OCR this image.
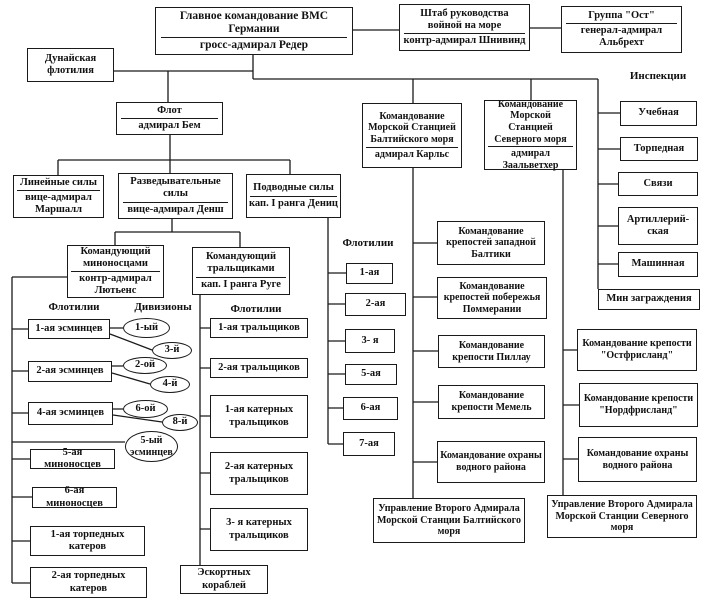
Главное командование ВМС Германии
гросс-адмирал Редер
Штаб руководства войной на море
контр-адмирал Шнивинд
Группа "Ост"
генерал-адмирал Альбрехт
Дунайская флотилия
Флот
адмирал Бем
Командование Морской Станцией Балтийского моря
адмирал Карльс
Командование Морской Станцией Северного моря
адмирал Заальветхер
Инспекции
Линейные силы
вице-адмирал Маршалл
Разведывательные силы
вице-адмирал Денш
Подводные силы
кап. I ранга Дениц
Командующий миноносцами
контр-адмирал Лютьенс
Командующий тральщиками
кап. I ранга Руге
Флотилии	Дивизионы	Флотилии
Флотилии
1-ая эсминцев
2-ая эсминцев
4-ая эсминцев
5-ая миноносцев
6-ая миноносцев
1-ая торпедных катеров
2-ая торпедных катеров
1-ый
3-й
2-ой
4-й
6-ой
8-й
5-ый эсминцев
1-ая тральщиков
2-ая тральщиков
1-ая катерных тральщиков
2-ая катерных тральщиков
3- я катерных тральщиков
Эскортных кораблей
1-ая
2-ая
3- я
5-ая
6-ая
7-ая
Командование крепостей западной Балтики
Командование крепостей побережья Поммерании
Командование крепости Пиллау
Командование крепости Мемель
Командование охраны водного района
Управление Второго Адмирала Морской Станции Балтийского моря
Командование крепости "Остфрисланд"
Командование крепости "Нордфрисланд"
Командование охраны водного района
Управление Второго Адмирала Морской Станции Северного моря
Учебная
Торпедная
Связи
Артиллерий-ская
Машинная
Мин заграждения
